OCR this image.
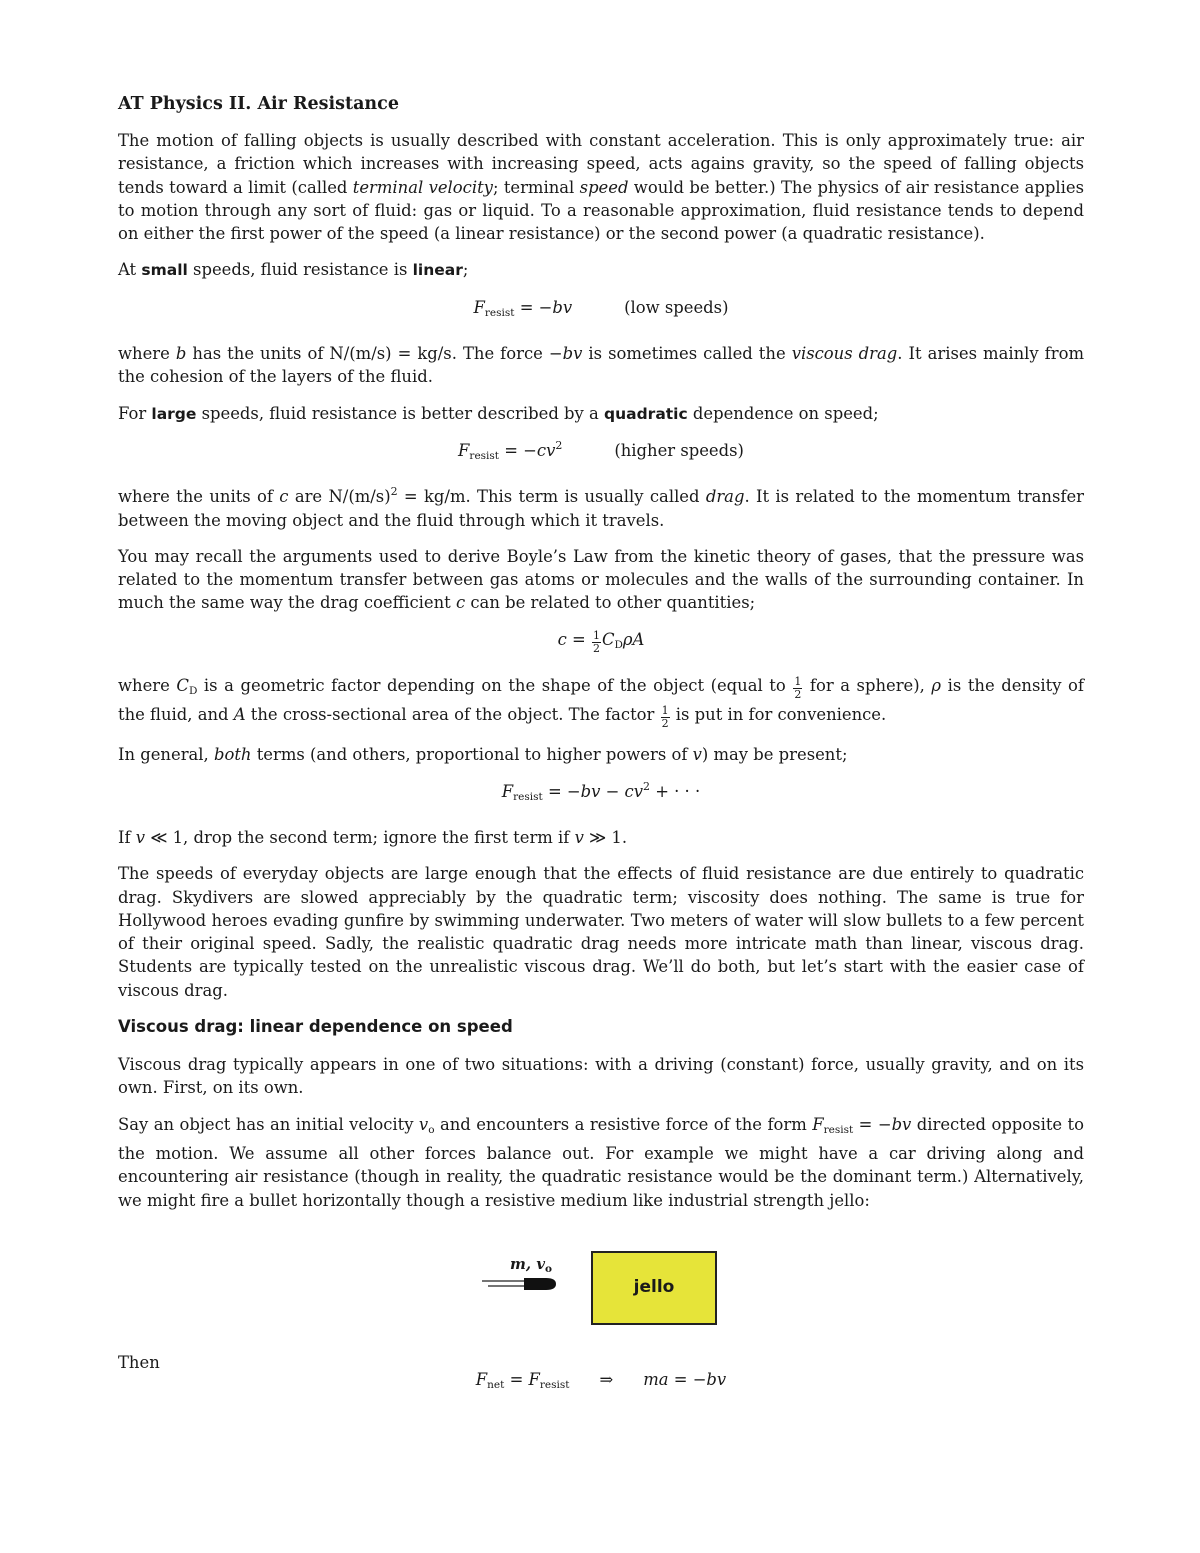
AT Physics II. Air Resistance

The motion of falling objects is usually described with constant acceleration. This is only approximately true: air resistance, a friction which increases with increasing speed, acts agains gravity, so the speed of falling objects tends toward a limit (called terminal velocity; terminal speed would be better.) The physics of air resistance applies to motion through any sort of fluid: gas or liquid. To a reasonable approximation, fluid resistance tends to depend on either the first power of the speed (a linear resistance) or the second power (a quadratic resistance).

At small speeds, fluid resistance is linear;

$F_{resist} = -bv$	(low speeds)

where b has the units of N/(m/s) = kg/s. The force −bv is sometimes called the viscous drag. It arises mainly from the cohesion of the layers of the fluid.

For large speeds, fluid resistance is better described by a quadratic dependence on speed;

$F_{resist} = -cv^2$	(higher speeds)

where the units of c are $N/(m/s)^2 = kg/m$. This term is usually called drag. It is related to the momentum transfer between the moving object and the fluid through which it travels.

You may recall the arguments used to derive Boyle’s Law from the kinetic theory of gases, that the pressure was related to the momentum transfer between gas atoms or molecules and the walls of the surrounding container. In much the same way the drag coefficient c can be related to other quantities;

$c = \frac{1}{2} C_D\rho A$

where $C_D$ is a geometric factor depending on the shape of the object (equal to $\frac{1}{2}$ for a sphere), ρ is the density of the fluid, and A the cross-sectional area of the object. The factor $\frac{1}{2}$ is put in for convenience.

In general, both terms (and others, proportional to higher powers of v) may be present;

$F_{resist} = -bv - cv^2$ + · · ·

If v ≪ 1, drop the second term; ignore the first term if v ≫ 1.

The speeds of everyday objects are large enough that the effects of fluid resistance are due entirely to quadratic drag. Skydivers are slowed appreciably by the quadratic term; viscosity does nothing. The same is true for Hollywood heroes evading gunfire by swimming underwater. Two meters of water will slow bullets to a few percent of their original speed. Sadly, the realistic quadratic drag needs more intricate math than linear, viscous drag. Students are typically tested on the unrealistic viscous drag. We’ll do both, but let’s start with the easier case of viscous drag.

Viscous drag: linear dependence on speed

Viscous drag typically appears in one of two situations: with a driving (constant) force, usually gravity, and on its own. First, on its own.

Say an object has an initial velocity $v_o$ and encounters a resistive force of the form $F_{resist} = -bv$ directed opposite to the motion. We assume all other forces balance out. For example we might have a car driving along and encountering air resistance (though in reality, the quadratic resistance would be the dominant term.) Alternatively, we might fire a bullet horizontally though a resistive medium like industrial strength jello:

m, $v_o$
jello

Then

$F_{net} = F_{resist}$ ⇒ ma = −bv
